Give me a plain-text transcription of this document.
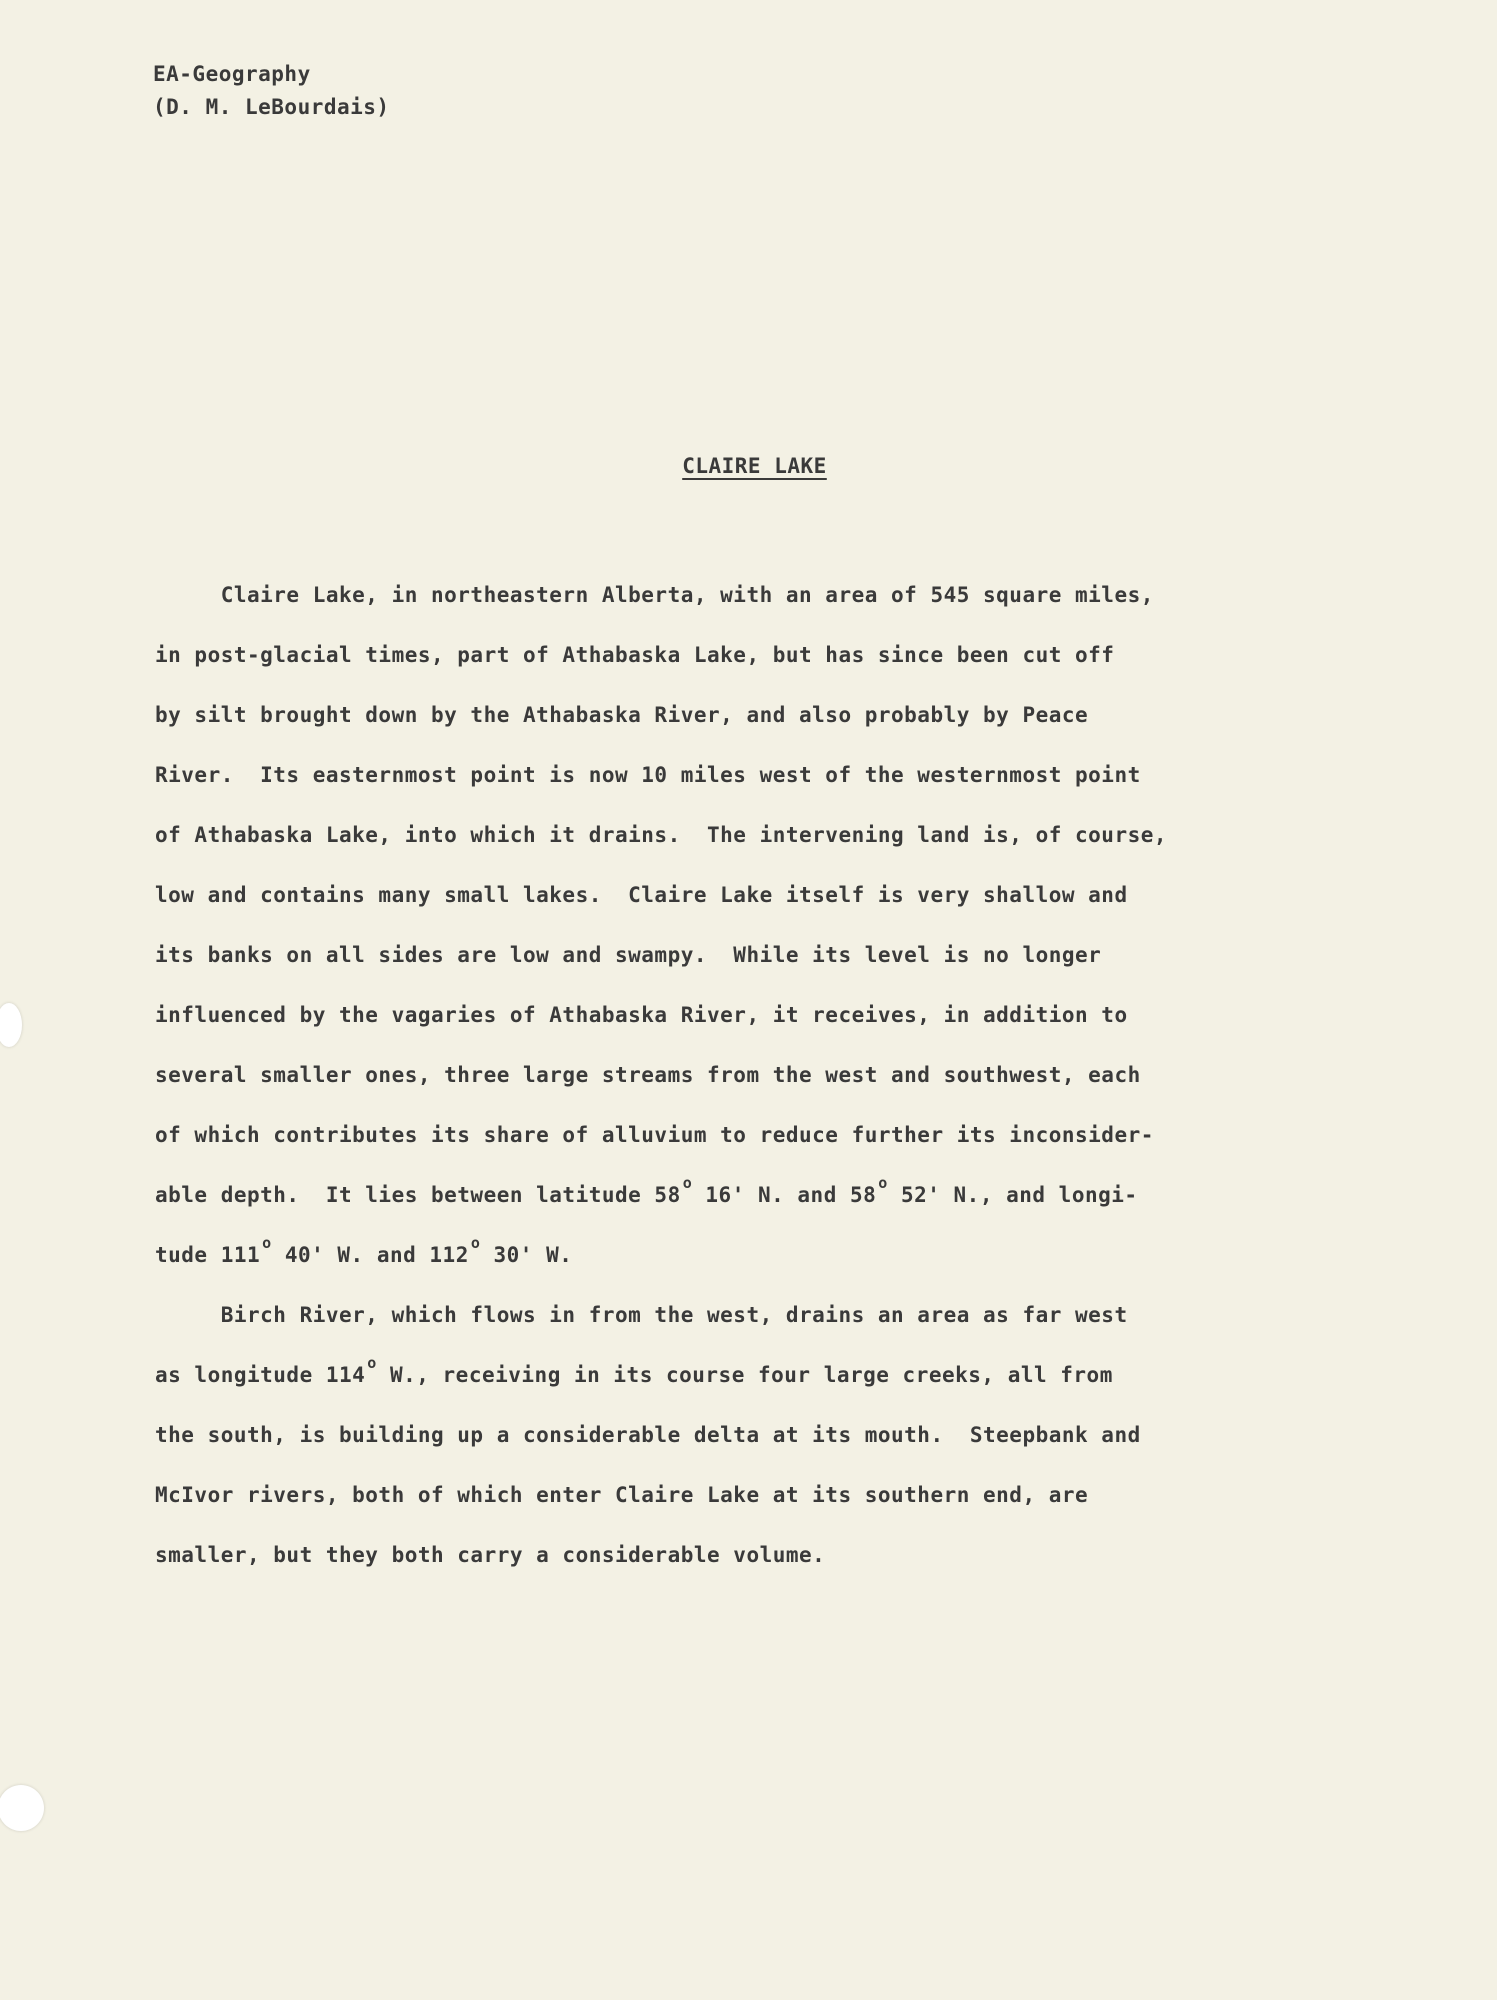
EA-Geography
(D. M. LeBourdais)
CLAIRE LAKE
Claire Lake, in northeastern Alberta, with an area of 545 square miles,
in post-glacial times, part of Athabaska Lake, but has since been cut off
by silt brought down by the Athabaska River, and also probably by Peace
River.  Its easternmost point is now 10 miles west of the westernmost point
of Athabaska Lake, into which it drains.  The intervening land is, of course,
low and contains many small lakes.  Claire Lake itself is very shallow and
its banks on all sides are low and swampy.  While its level is no longer
influenced by the vagaries of Athabaska River, it receives, in addition to
several smaller ones, three large streams from the west and southwest, each
of which contributes its share of alluvium to reduce further its inconsider-
able depth.  It lies between latitude 58 $^o$ 16' N. and 58 $^o$ 52' N., and longi-
tude 111 $^o$ 40' W. and 112 $^o$ 30' W.
Birch River, which flows in from the west, drains an area as far west
as longitude 114 $^o$ W., receiving in its course four large creeks, all from
the south, is building up a considerable delta at its mouth.  Steepbank and
McIvor rivers, both of which enter Claire Lake at its southern end, are
smaller, but they both carry a considerable volume.
